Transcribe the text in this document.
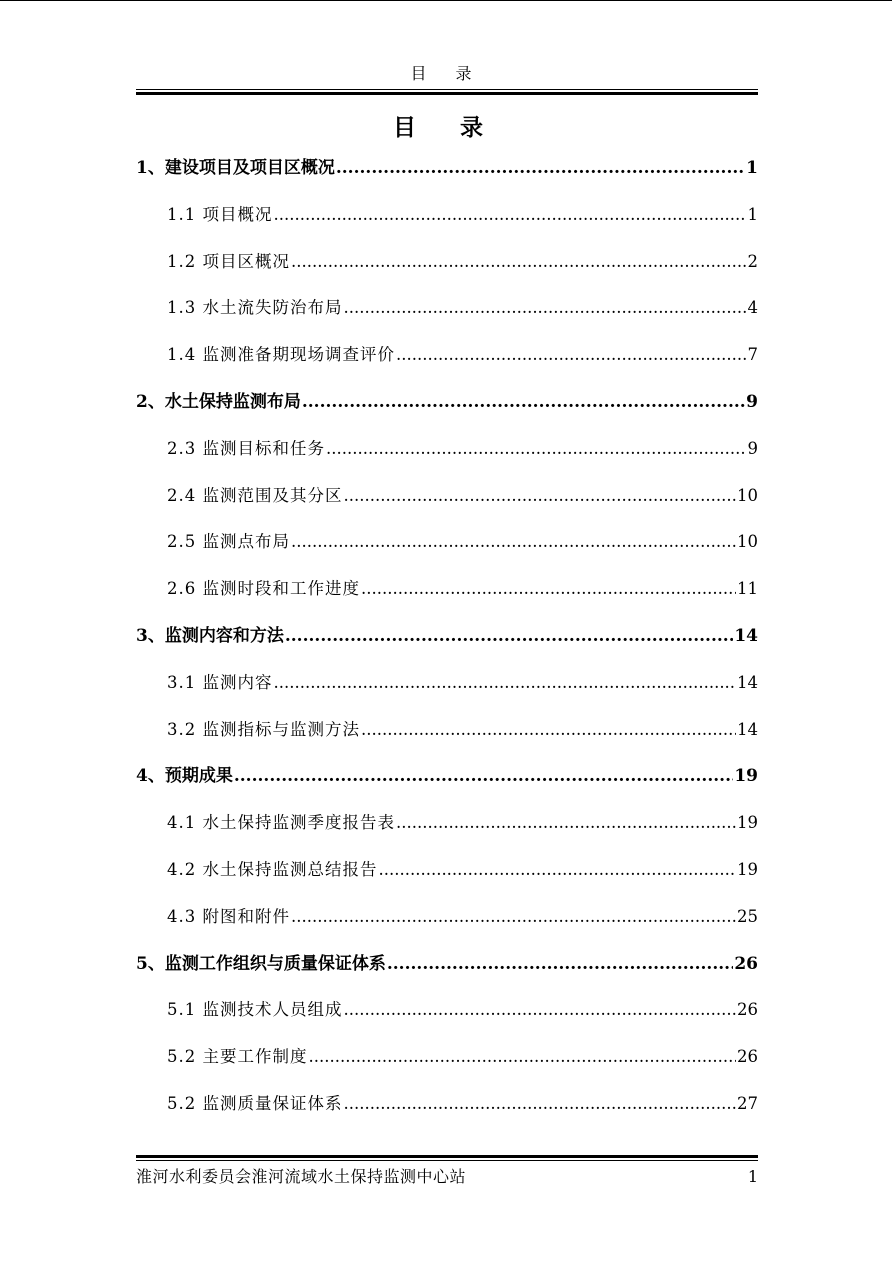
目 录
目 录
1、建设项目及项目区概况 .....	1
1.1 项目概况 .....	1
1.2 项目区概况 .....	2
1.3 水土流失防治布局 .....	4
1.4 监测准备期现场调查评价 .....	7
2、水土保持监测布局 .....	9
2.3 监测目标和任务 .....	9
2.4 监测范围及其分区 .....	10
2.5 监测点布局 .....	10
2.6 监测时段和工作进度 .....	11
3、监测内容和方法 .....	14
3.1 监测内容 .....	14
3.2 监测指标与监测方法 .....	14
4、预期成果 .....	19
4.1 水土保持监测季度报告表 .....	19
4.2 水土保持监测总结报告 .....	19
4.3 附图和附件 .....	25
5、监测工作组织与质量保证体系 .....	26
5.1 监测技术人员组成 .....	26
5.2 主要工作制度 .....	26
5.2 监测质量保证体系 .....	27
淮河水利委员会淮河流域水土保持监测中心站	1
